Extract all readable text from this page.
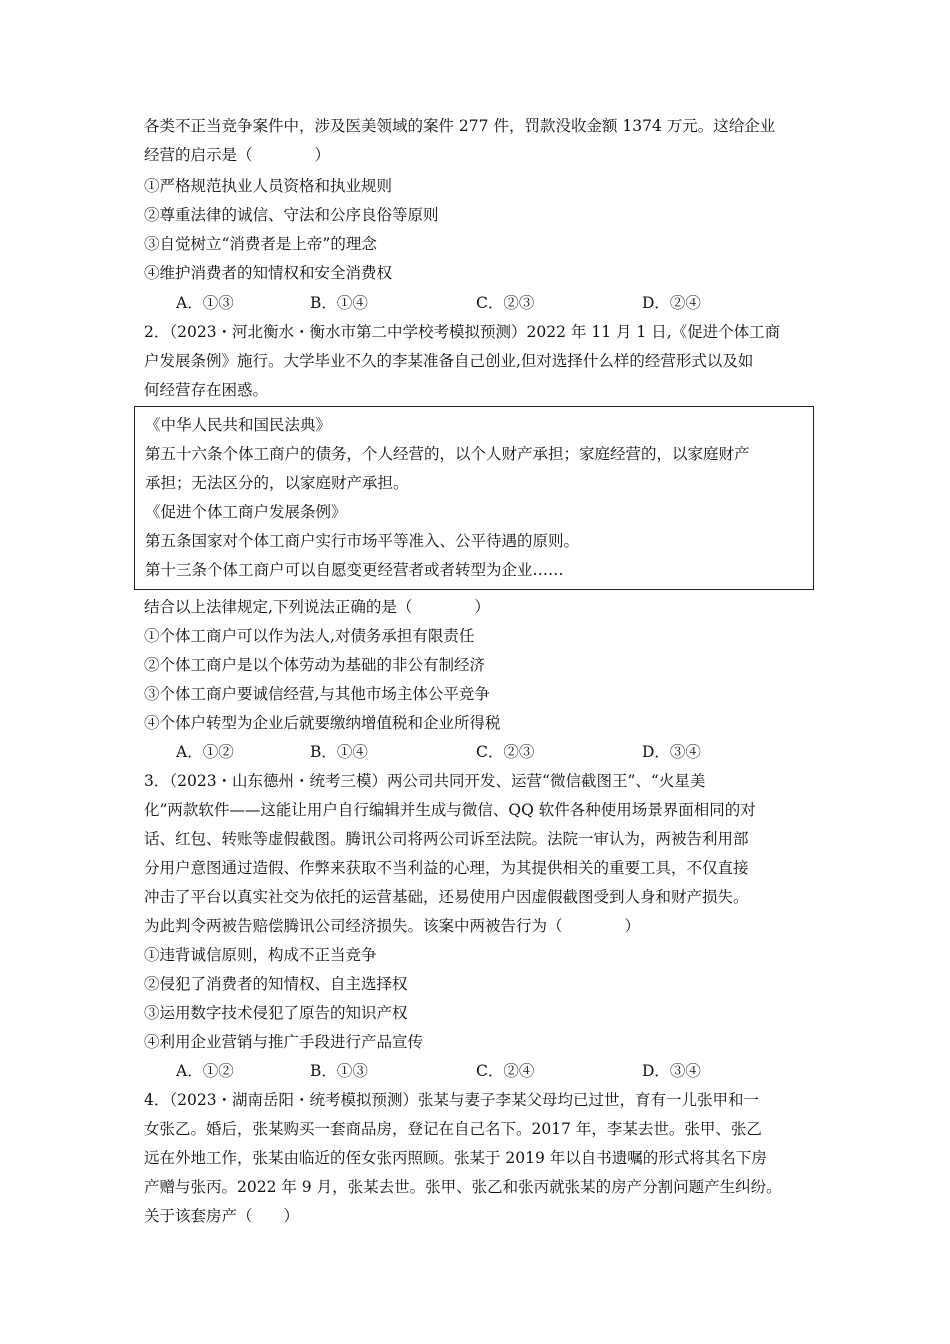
各类不正当竞争案件中，涉及医美领域的案件 277 件，罚款没收金额 1374 万元。这给企业
经营的启示是（　　　　）
①严格规范执业人员资格和执业规则
②尊重法律的诚信、守法和公序良俗等原则
③自觉树立“消费者是上帝”的理念
④维护消费者的知情权和安全消费权
A．①③	B．①④	C．②③	D．②④
2．（2023・河北衡水・衡水市第二中学校考模拟预测）2022 年 11 月 1 日,《促进个体工商
户发展条例》施行。大学毕业不久的李某准备自己创业,但对选择什么样的经营形式以及如
何经营存在困惑。
《中华人民共和国民法典》
第五十六条个体工商户的债务，个人经营的，以个人财产承担；家庭经营的，以家庭财产
承担；无法区分的，以家庭财产承担。
《促进个体工商户发展条例》
第五条国家对个体工商户实行市场平等准入、公平待遇的原则。
第十三条个体工商户可以自愿变更经营者或者转型为企业……
结合以上法律规定,下列说法正确的是（　　　　）
①个体工商户可以作为法人,对债务承担有限责任
②个体工商户是以个体劳动为基础的非公有制经济
③个体工商户要诚信经营,与其他市场主体公平竞争
④个体户转型为企业后就要缴纳增值税和企业所得税
A．①②	B．①④	C．②③	D．③④
3．（2023・山东德州・统考三模）两公司共同开发、运营“微信截图王”、“火星美
化”两款软件——这能让用户自行编辑并生成与微信、QQ 软件各种使用场景界面相同的对
话、红包、转账等虚假截图。腾讯公司将两公司诉至法院。法院一审认为，两被告利用部
分用户意图通过造假、作弊来获取不当利益的心理，为其提供相关的重要工具，不仅直接
冲击了平台以真实社交为依托的运营基础，还易使用户因虚假截图受到人身和财产损失。
为此判令两被告赔偿腾讯公司经济损失。该案中两被告行为（　　　　）
①违背诚信原则，构成不正当竞争
②侵犯了消费者的知情权、自主选择权
③运用数字技术侵犯了原告的知识产权
④利用企业营销与推广手段进行产品宣传
A．①②	B．①③	C．②④	D．③④
4．（2023・湖南岳阳・统考模拟预测）张某与妻子李某父母均已过世，育有一儿张甲和一
女张乙。婚后，张某购买一套商品房，登记在自己名下。2017 年，李某去世。张甲、张乙
远在外地工作，张某由临近的侄女张丙照顾。张某于 2019 年以自书遗嘱的形式将其名下房
产赠与张丙。2022 年 9 月，张某去世。张甲、张乙和张丙就张某的房产分割问题产生纠纷。
关于该套房产（　　）
